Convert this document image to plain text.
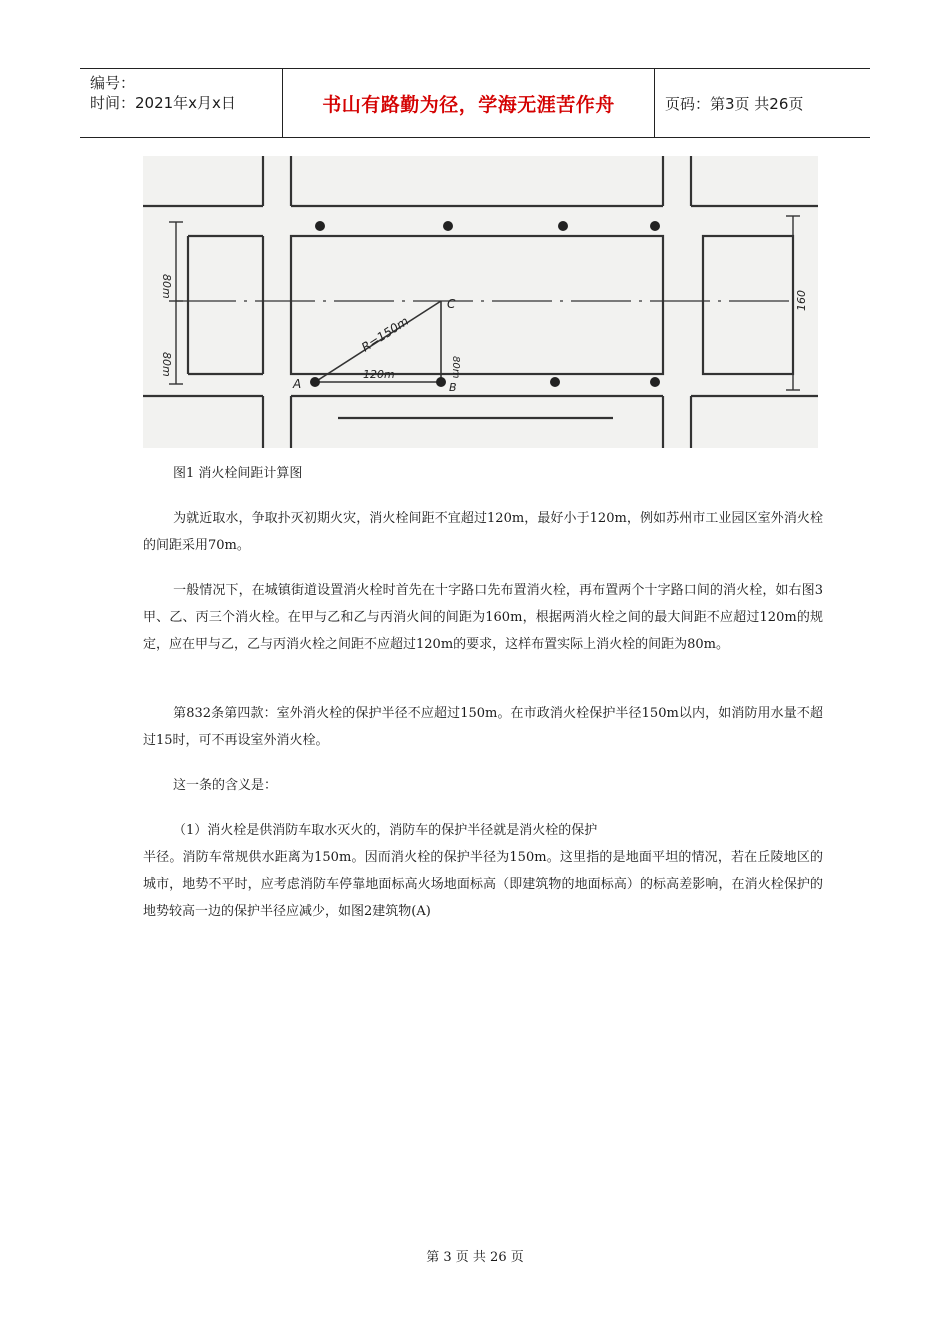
编号：
时间：2021年x月x日	书山有路勤为径，学海无涯苦作舟	页码：第3页 共26页
R=150m
120m	80m
80m
80m
160
A	B
C
图1 消火栓间距计算图
为就近取水，争取扑灭初期火灾，消火栓间距不宜超过120m，最好小于120m，例如苏州市工业园区室外消火栓的间距采用70m。
一般情况下，在城镇街道设置消火栓时首先在十字路口先布置消火栓，再布置两个十字路口间的消火栓，如右图3甲、乙、丙三个消火栓。在甲与乙和乙与丙消火间的间距为160m，根据两消火栓之间的最大间距不应超过120m的规定，应在甲与乙，乙与丙消火栓之间距不应超过120m的要求，这样布置实际上消火栓的间距为80m。
第832条第四款：室外消火栓的保护半径不应超过150m。在市政消火栓保护半径150m以内，如消防用水量不超过15时，可不再设室外消火栓。
这一条的含义是：
（1）消火栓是供消防车取水灭火的，消防车的保护半径就是消火栓的保护
半径。消防车常规供水距离为150m。因而消火栓的保护半径为150m。这里指的是地面平坦的情况，若在丘陵地区的城市，地势不平时，应考虑消防车停靠地面标高火场地面标高（即建筑物的地面标高）的标高差影响，在消火栓保护的地势较高一边的保护半径应减少，如图2建筑物(A)
第 3 页 共 26 页
